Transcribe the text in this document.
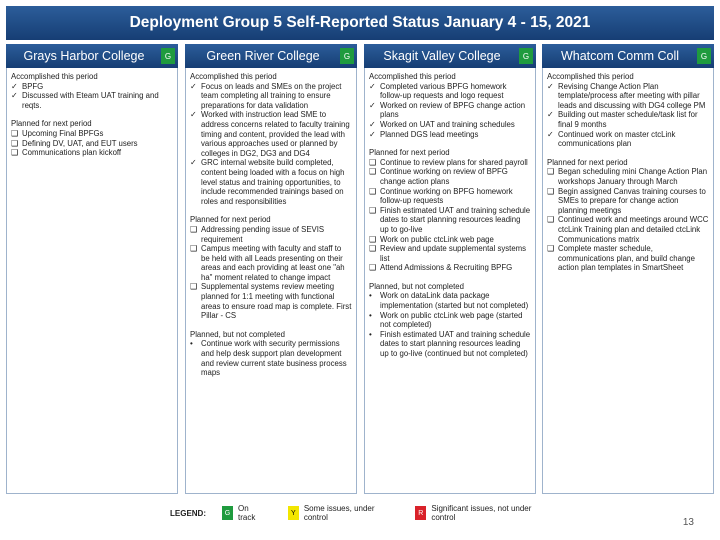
Deployment Group 5 Self-Reported Status January 4 - 15, 2021
Grays Harbor College	G
Accomplished this period
✓ BPFG
✓ Discussed with Eteam UAT training and reqts.
Planned for next period
❑ Upcoming Final BPFGs
❑ Defining DV, UAT, and EUT users
❑ Communications plan kickoff
Green River College	G
Accomplished this period
✓ Focus on leads and SMEs on the project team completing all training to ensure preparations for data validation
✓ Worked with instruction lead SME to address concerns related to faculty training timing and content, provided the lead with various approaches used or planned by colleges in DG2, DG3 and DG4
✓ GRC internal website build completed, content being loaded with a focus on high level status and training opportunities, to include recommended trainings based on roles and responsibilities
Planned for next period
❑ Addressing pending issue of SEVIS requirement
❑ Campus meeting with faculty and staff to be held with all Leads presenting on their areas and each providing at least one "ah ha" moment related to change impact
❑ Supplemental systems review meeting planned for 1:1 meeting with functional areas to ensure road map is complete. First Pillar - CS
Planned, but not completed
• Continue work with security permissions and help desk support plan development and review current state business process maps
Skagit Valley College	G
Accomplished this period
✓ Completed various BPFG homework follow-up requests and logo request
✓ Worked on review of BPFG change action plans
✓ Worked on UAT and training schedules
✓ Planned DGS lead meetings
Planned for next period
❑ Continue to review plans for shared payroll
❑ Continue working on review of BPFG change action plans
❑ Continue working on BPFG homework follow-up requests
❑ Finish estimated UAT and training schedule dates to start planning resources leading up to go-live
❑ Work on public ctcLink web page
❑ Review and update supplemental systems list
❑ Attend Admissions & Recruiting BPFG
Planned, but not completed
• Work on dataLink data package implementation (started but not completed)
• Work on public ctcLink web page (started not completed)
• Finish estimated UAT and training schedule dates to start planning resources leading up to go-live (continued but not completed)
Whatcom Comm Coll	G
Accomplished this period
✓ Revising Change Action Plan template/process after meeting with pillar leads and discussing with DG4 college PM
✓ Building out master schedule/task list for final 9 months
✓ Continued work on master ctcLink communications plan
Planned for next period
❑ Began scheduling mini Change Action Plan workshops January through March
❑ Begin assigned Canvas training courses to SMEs to prepare for change action planning meetings
❑ Continued work and meetings around WCC ctcLink Training plan and detailed ctcLink Communications matrix
❑ Complete master schedule, communications plan, and build change action plan templates in SmartSheet
LEGEND:	G On track	Y	Some issues, under control	R	Significant issues, not under control	13
